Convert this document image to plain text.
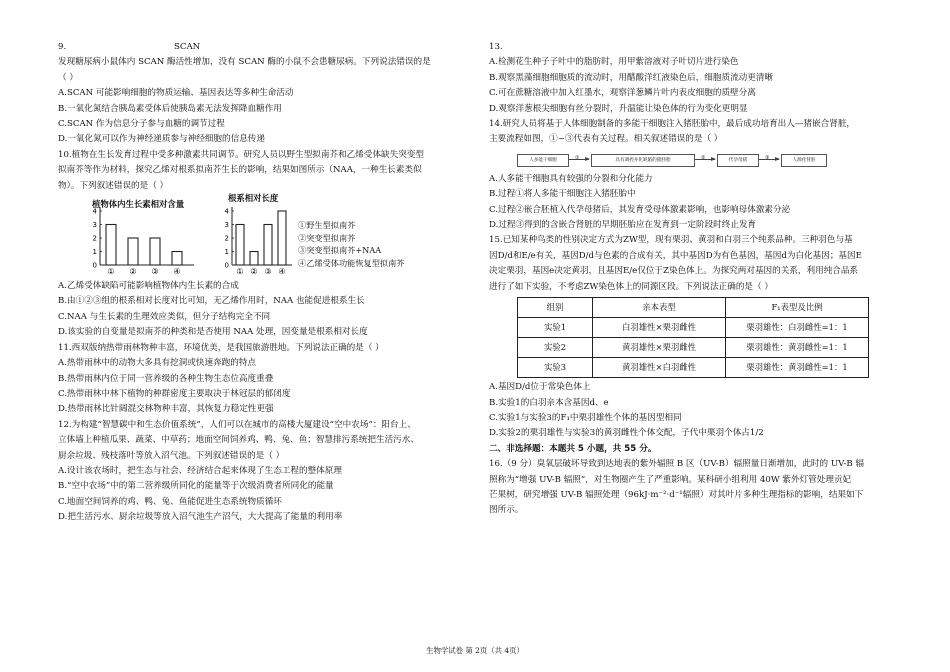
9.	SCAN

发现糖尿病小鼠体内 SCAN 酶活性增加，没有 SCAN 酶的小鼠不会患糖尿病。下列说法错误的是

（ ）

A.SCAN 可能影响细胞的物质运输、基因表达等多种生命活动

B.一氧化氮结合胰岛素受体后使胰岛素无法发挥降血糖作用

C.SCAN 作为信息分子参与血糖的调节过程

D.一氧化氮可以作为神经递质参与神经细胞的信息传递

10.植物在生长发育过程中受多种激素共同调节。研究人员以野生型拟南芥和乙烯受体缺失突变型

拟南芥等作为材料，探究乙烯对根系拟南芥生长的影响，结果如图所示（NAA，一种生长素类似

物）。下列叙述错误的是（ ）

植物体内生长素相对含量
0
1
2
3
4
① ② ③ ④
根系相对长度
0
1
2
3
4
① ② ③ ④
①野生型拟南芥
②突变型拟南芥
③突变型拟南芥+NAA
④乙烯受体功能恢复型拟南芥

A.乙烯受体缺陷可能影响植物体内生长素的合成

B.由①②③组的根系相对长度对比可知，无乙烯作用时，NAA 也能促进根系生长

C.NAA 与生长素的生理效应类似，但分子结构完全不同

D.该实验的自变量是拟南芥的种类和是否使用 NAA 处理，因变量是根系相对长度

11.西双版纳热带雨林物种丰富，环境优美，是我国旅游胜地。下列说法正确的是（ ）

A.热带雨林中的动物大多具有挖洞或快速奔跑的特点

B.热带雨林内位于同一营养级的各种生物生态位高度重叠

C.热带雨林中林下植物的种群密度主要取决于林冠层的郁闭度

D.热带雨林比针阔混交林物种丰富，其恢复力稳定性更强

12.为构建“智慧碳中和生态价值系统”，人们可以在城市的高楼大厦建设“空中农场”：阳台上、

立体墙上种植瓜果、蔬菜、中草药；地面空间饲养鸡、鸭、兔、鱼；智慧排污系统把生活污水、

厨余垃圾、残枝落叶等放入沼气池。下列叙述错误的是（ ）

A.设计该农场时，把生态与社会、经济结合起来体现了生态工程的整体原理

B.“空中农场”中的第二营养级所同化的能量等于次级消费者所同化的能量

C.地面空间饲养的鸡、鸭、兔、鱼能促进生态系统物质循环

D.把生活污水、厨余垃圾等放入沼气池生产沼气，大大提高了能量的利用率

13.

A.检测花生种子子叶中的脂肪时，用甲紫溶液对子叶切片进行染色

B.观察黑藻细胞细胞质的流动时，用醋酸洋红液染色后，细胞质流动更清晰

C.可在蔗糖溶液中加入红墨水，观察洋葱鳞片叶内表皮细胞的质壁分离

D.观察洋葱根尖细胞有丝分裂时，升温能让染色体的行为变化更明显

14.研究人员将基于人体细胞制备的多能干细胞注入猪胚胎中，最后成功培育出人—猪嵌合肾脏，

主要流程如图，①~③代表有关过程。相关叙述错误的是（ ）

人多能干细胞	①	具有调控并化缺陷的猪胚胎	②	代孕母猪	③	人源化肾脏

A.人多能干细胞具有较强的分裂和分化能力

B.过程①将人多能干细胞注入猪胚胎中

C.过程②嵌合胚植入代孕母猪后，其发育受母体激素影响，也影响母体激素分泌

D.过程③得到的含嵌合肾脏的早期胚胎应在发育到一定阶段时终止发育

15.已知某种鸟类的性别决定方式为ZW型，现有栗羽、黄羽和白羽三个纯系品种。三种羽色与基

因D/d和E/e有关，基因D/d与色素的合成有关，其中基因D为有色基因，基因d为白化基因；基因E

决定栗羽，基因e决定黄羽，且基因E/e仅位于Z染色体上。为探究两对基因的关系，利用纯合品系

进行了如下实验，不考虑ZW染色体上的同源区段。下列说法正确的是（ ）

组别	亲本表型	F₁表型及比例
实验1	白羽雄性×栗羽雌性	栗羽雄性：白羽雌性=1：1
实验2	黄羽雄性×栗羽雌性	栗羽雄性：黄羽雌性=1：1
实验3	黄羽雄性×白羽雌性	栗羽雄性：黄羽雌性=1：1

A.基因D/d位于常染色体上

B.实验1的白羽亲本含基因d、e

C.实验1与实验3的F₁中栗羽雄性个体的基因型相同

D.实验2的栗羽雄性与实验3的黄羽雌性个体交配，子代中栗羽个体占1/2

二、非选择题：本题共 5 小题，共 55 分。

16.（9 分）臭氧层破坏导致到达地表的紫外辐照 B 区（UV-B）辐照量日渐增加，此时的 UV-B 辐

照称为“增强 UV-B 辐照”，对生物圈产生了严重影响。某科研小组利用 40W 紫外灯管处理贡妃

芒果树，研究增强 UV-B 辐照处理（96kJ·m⁻²·d⁻¹辐照）对其叶片多种生理指标的影响，结果如下

图所示。

生物学试卷 第 2页（共 4页）
